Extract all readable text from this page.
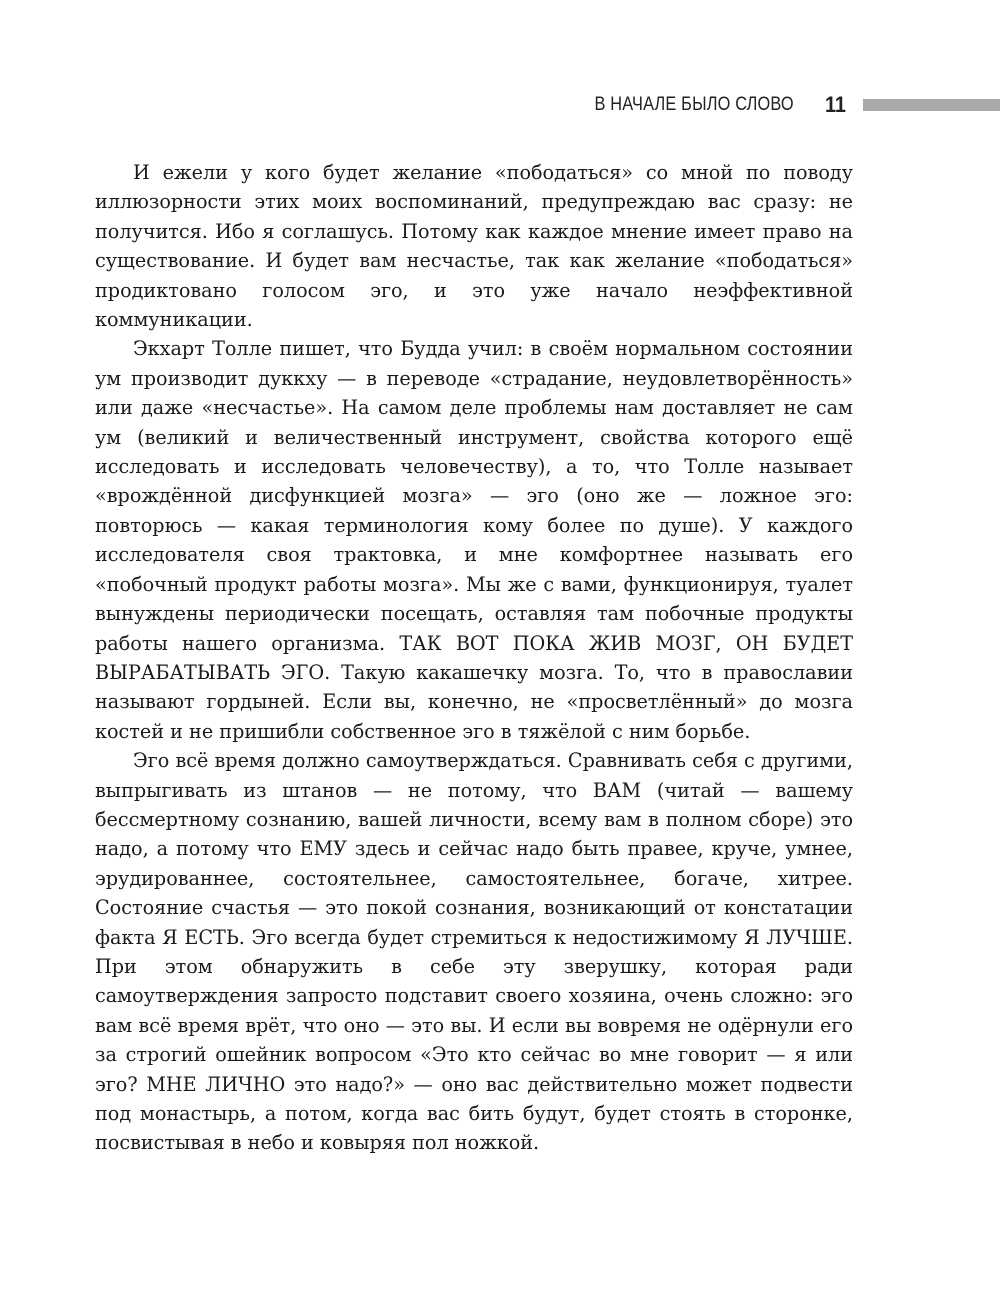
В НАЧАЛЕ БЫЛО СЛОВО 11

И ежели у кого будет желание «пободаться» со мной по поводу иллюзорности этих моих воспоминаний, предупреждаю вас сразу: не получится. Ибо я соглашусь. Потому как каждое мнение имеет право на существование. И будет вам несчастье, так как желание «пободаться» продиктовано голосом эго, и это уже начало неэффективной коммуникации.

Экхарт Толле пишет, что Будда учил: в своём нормальном состоянии ум производит дуккху — в переводе «страдание, неудовлетворённость» или даже «несчастье». На самом деле проблемы нам доставляет не сам ум (великий и величественный инструмент, свойства которого ещё исследовать и исследовать человечеству), а то, что Толле называет «врождённой дисфункцией мозга» — эго (оно же — ложное эго: повторюсь — какая терминология кому более по душе). У каждого исследователя своя трактовка, и мне комфортнее называть его «побочный продукт работы мозга». Мы же с вами, функционируя, туалет вынуждены периодически посещать, оставляя там побочные продукты работы нашего организма. ТАК ВОТ ПОКА ЖИВ МОЗГ, ОН БУДЕТ ВЫРАБАТЫВАТЬ ЭГО. Такую какашечку мозга. То, что в православии называют гордыней. Если вы, конечно, не «просветлённый» до мозга костей и не пришибли собственное эго в тяжёлой с ним борьбе.

Эго всё время должно самоутверждаться. Сравнивать себя с другими, выпрыгивать из штанов — не потому, что ВАМ (читай — вашему бессмертному сознанию, вашей личности, всему вам в полном сборе) это надо, а потому что ЕМУ здесь и сейчас надо быть правее, круче, умнее, эрудированнее, состоятельнее, самостоятельнее, богаче, хитрее. Состояние счастья — это покой сознания, возникающий от констатации факта Я ЕСТЬ. Эго всегда будет стремиться к недостижимому Я ЛУЧШЕ. При этом обнаружить в себе эту зверушку, которая ради самоутверждения запросто подставит своего хозяина, очень сложно: эго вам всё время врёт, что оно — это вы. И если вы вовремя не одёрнули его за строгий ошейник вопросом «Это кто сейчас во мне говорит — я или эго? МНЕ ЛИЧНО это надо?» — оно вас действительно может подвести под монастырь, а потом, когда вас бить будут, будет стоять в сторонке, посвистывая в небо и ковыряя пол ножкой.
